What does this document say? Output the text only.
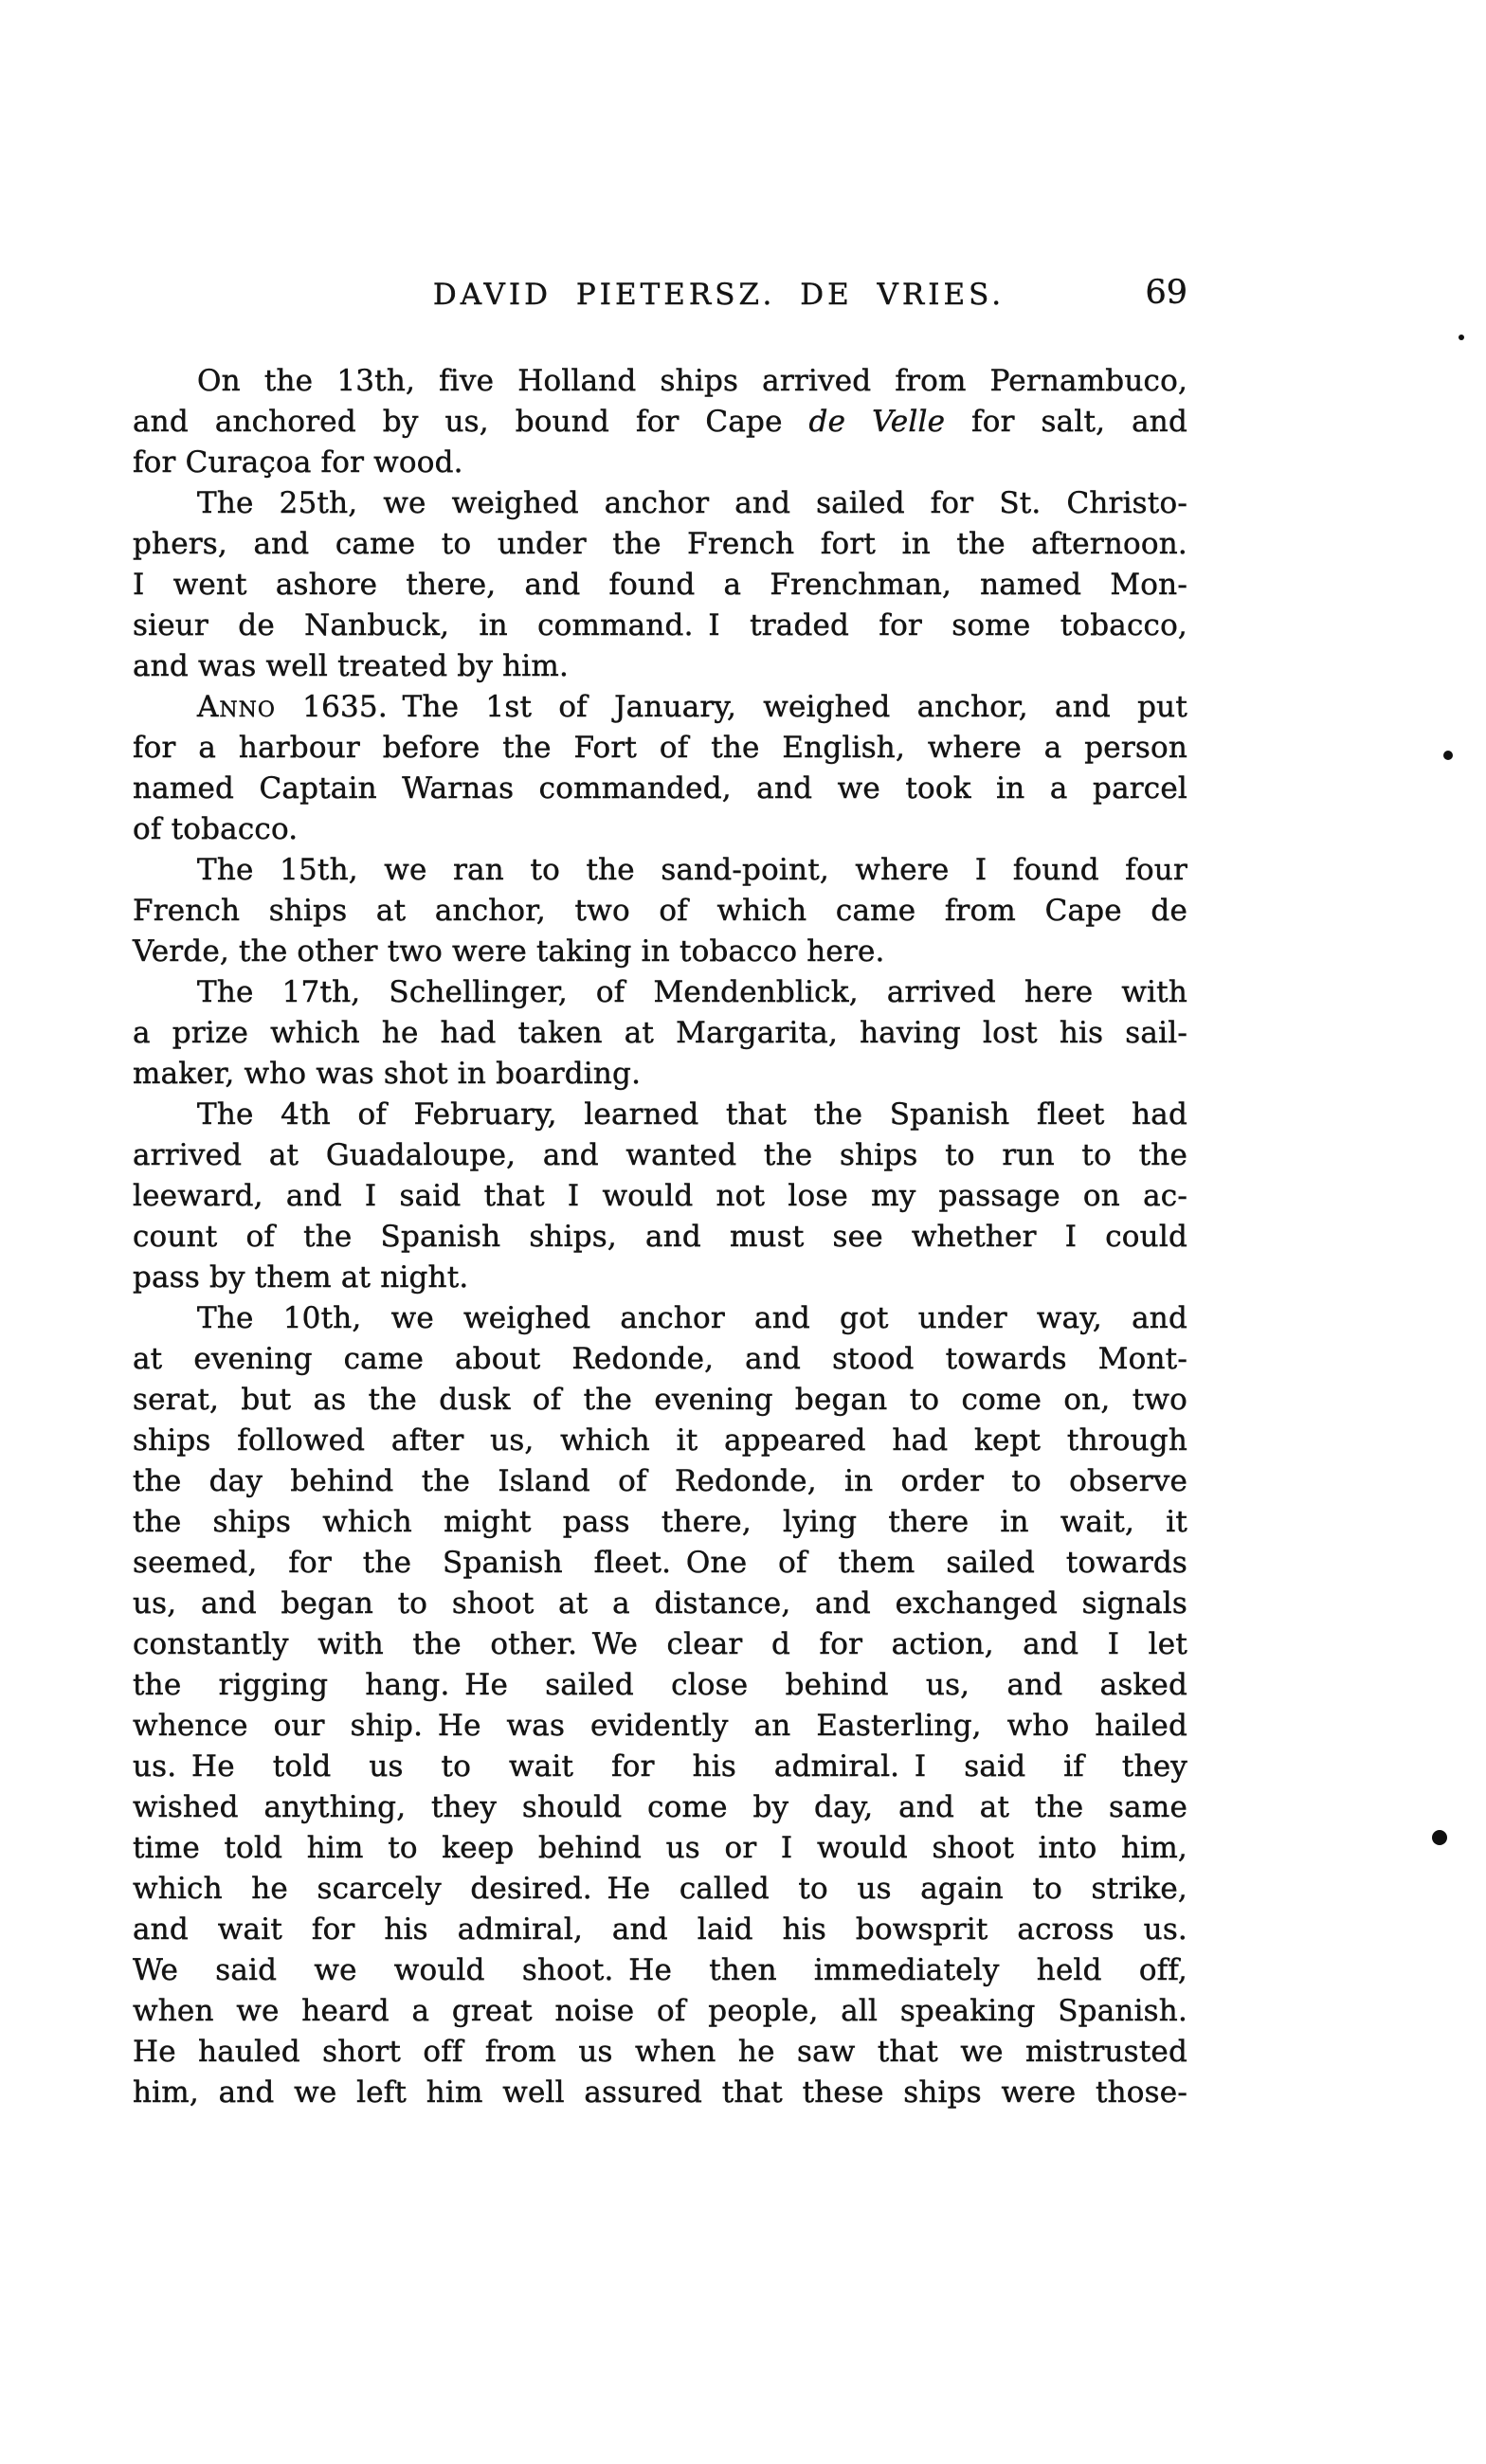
DAVID PIETERSZ. DE VRIES.	69
On the 13th, five Holland ships arrived from Pernambuco,
and anchored by us, bound for Cape de Velle for salt, and
for Curaçoa for wood.
The 25th, we weighed anchor and sailed for St. Christo-
phers, and came to under the French fort in the afternoon.
I went ashore there, and found a Frenchman, named Mon-
sieur de Nanbuck, in command. I traded for some tobacco,
and was well treated by him.
Anno 1635. The 1st of January, weighed anchor, and put
for a harbour before the Fort of the English, where a person
named Captain Warnas commanded, and we took in a parcel
of tobacco.
The 15th, we ran to the sand-point, where I found four
French ships at anchor, two of which came from Cape de
Verde, the other two were taking in tobacco here.
The 17th, Schellinger, of Mendenblick, arrived here with
a prize which he had taken at Margarita, having lost his sail-
maker, who was shot in boarding.
The 4th of February, learned that the Spanish fleet had
arrived at Guadaloupe, and wanted the ships to run to the
leeward, and I said that I would not lose my passage on ac-
count of the Spanish ships, and must see whether I could
pass by them at night.
The 10th, we weighed anchor and got under way, and
at evening came about Redonde, and stood towards Mont-
serat, but as the dusk of the evening began to come on, two
ships followed after us, which it appeared had kept through
the day behind the Island of Redonde, in order to observe
the ships which might pass there, lying there in wait, it
seemed, for the Spanish fleet. One of them sailed towards
us, and began to shoot at a distance, and exchanged signals
constantly with the other. We clear d for action, and I let
the rigging hang. He sailed close behind us, and asked
whence our ship. He was evidently an Easterling, who hailed
us. He told us to wait for his admiral. I said if they
wished anything, they should come by day, and at the same
time told him to keep behind us or I would shoot into him,
which he scarcely desired. He called to us again to strike,
and wait for his admiral, and laid his bowsprit across us.
We said we would shoot. He then immediately held off,
when we heard a great noise of people, all speaking Spanish.
He hauled short off from us when he saw that we mistrusted
him, and we left him well assured that these ships were those-
